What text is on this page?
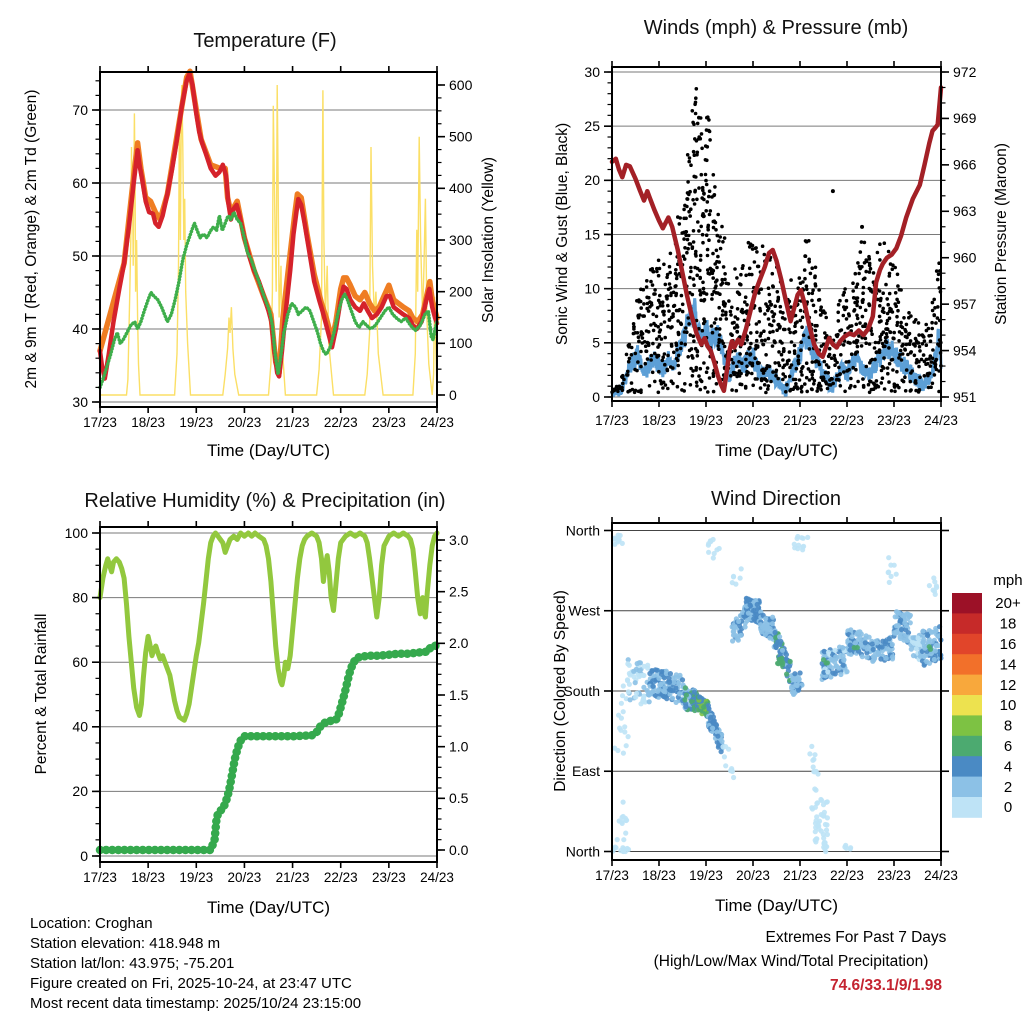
30
40
50
60
70
0
100
200
300
400
500
600
17/23 18/23 19/23 20/23 21/23 22/23 23/23 24/23
0
5
10
15
20
25
30
951
954
957
960
963
966
969
972
17/23 18/23 19/23 20/23 21/23 22/23 23/23 24/23
0
20
40
60
80
100
0.0
0.5
1.0
1.5
2.0
2.5
3.0
17/23 18/23 19/23 20/23 21/23 22/23 23/23 24/23
North
West
South
East
North
17/23 18/23 19/23 20/23 21/23 22/23 23/23 24/23
mph
20+
18
16
14
12
10
8
6
4
2
0
Temperature (F)
Winds (mph) & Pressure (mb)
Relative Humidity (%) & Precipitation (in)	Wind Direction
Time (Day/UTC)	Time (Day/UTC)
Time (Day/UTC)	Time (Day/UTC)
2m & 9m T (Red, Orange) & 2m Td (Green)	Solar Insolation (Yellow)	Sonic Wind & Gust (Blue, Black)	Station Pressure (Maroon)
Percent & Total Rainfall	Direction (Colored By Speed)
Location: Croghan
Station elevation: 418.948 m
Station lat/lon: 43.975; -75.201
Figure created on Fri, 2025-10-24, at 23:47 UTC
Most recent data timestamp: 2025/10/24 23:15:00
Extremes For Past 7 Days
(High/Low/Max Wind/Total Precipitation)
74.6/33.1/9/1.98
